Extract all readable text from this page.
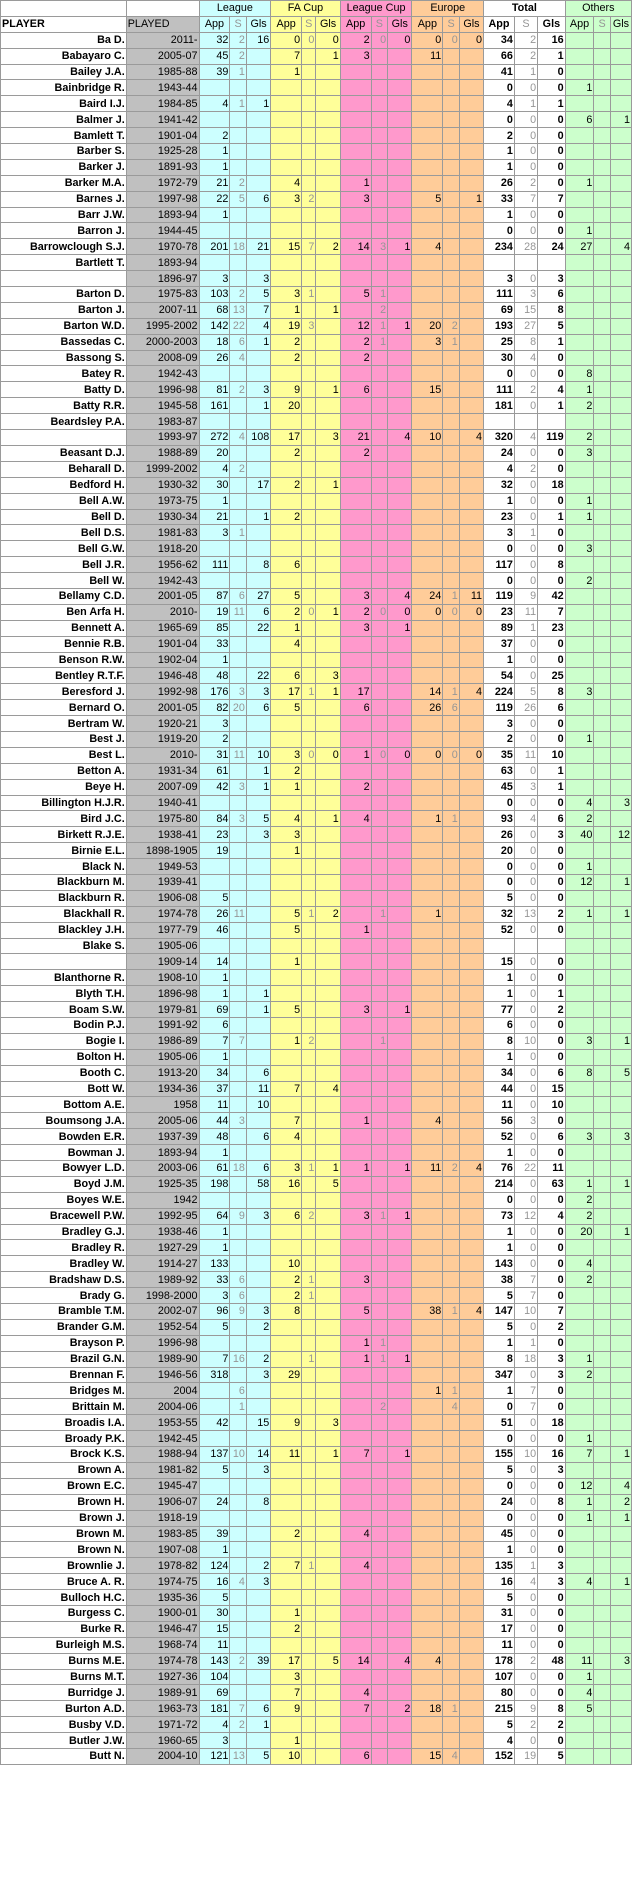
		League			FA Cup			League Cup			Europe			Total			Others		
PLAYER	PLAYED	App	S	Gls	App	S	Gls	App	S	Gls	App	S	Gls	App	S	Gls	App	S	Gls
Ba D.	2011-	32	2	16	0	0	0	2	0	0	0	0	0	34	2	16			
Babayaro C.	2005-07	45	2		7		1	3			11			66	2	1			
Bailey J.A.	1985-88	39	1		1									41	1	0			
Bainbridge R.	1943-44													0	0	0	1		
Baird I.J.	1984-85	4	1	1										4	1	1			
Balmer J.	1941-42													0	0	0	6		1
Bamlett T.	1901-04	2												2	0	0			
Barber S.	1925-28	1												1	0	0			
Barker J.	1891-93	1												1	0	0			
Barker M.A.	1972-79	21	2		4			1						26	2	0	1		
Barnes J.	1997-98	22	5	6	3	2		3			5		1	33	7	7			
Barr J.W.	1893-94	1												1	0	0			
Barron J.	1944-45													0	0	0	1		
Barrowclough S.J.	1970-78	201	18	21	15	7	2	14	3	1	4			234	28	24	27		4
Bartlett T.	1893-94																		
	1896-97	3		3										3	0	3			
Barton D.	1975-83	103	2	5	3	1		5	1					111	3	6			
Barton J.	2007-11	68	13	7	1		1		2					69	15	8			
Barton W.D.	1995-2002	142	22	4	19	3		12	1	1	20	2		193	27	5			
Bassedas C.	2000-2003	18	6	1	2			2	1		3	1		25	8	1			
Bassong S.	2008-09	26	4		2			2						30	4	0			
Batey R.	1942-43													0	0	0	8		
Batty D.	1996-98	81	2	3	9		1	6			15			111	2	4	1		
Batty R.R.	1945-58	161		1	20									181	0	1	2		
Beardsley P.A.	1983-87																		
	1993-97	272	4	108	17		3	21		4	10		4	320	4	119	2		
Beasant D.J.	1988-89	20			2			2						24	0	0	3		
Beharall D.	1999-2002	4	2											4	2	0			
Bedford H.	1930-32	30		17	2		1							32	0	18			
Bell A.W.	1973-75	1												1	0	0	1		
Bell D.	1930-34	21		1	2									23	0	1	1		
Bell D.S.	1981-83	3	1											3	1	0			
Bell G.W.	1918-20													0	0	0	3		
Bell J.R.	1956-62	111		8	6									117	0	8			
Bell W.	1942-43													0	0	0	2		
Bellamy C.D.	2001-05	87	6	27	5			3		4	24	1	11	119	9	42			
Ben Arfa H.	2010-	19	11	6	2	0	1	2	0	0	0	0	0	23	11	7			
Bennett A.	1965-69	85		22	1			3		1				89	1	23			
Bennie R.B.	1901-04	33			4									37	0	0			
Benson R.W.	1902-04	1												1	0	0			
Bentley R.T.F.	1946-48	48		22	6		3							54	0	25			
Beresford J.	1992-98	176	3	3	17	1	1	17			14	1	4	224	5	8	3		
Bernard O.	2001-05	82	20	6	5			6			26	6		119	26	6			
Bertram W.	1920-21	3												3	0	0			
Best J.	1919-20	2												2	0	0	1		
Best L.	2010-	31	11	10	3	0	0	1	0	0	0	0	0	35	11	10			
Betton A.	1931-34	61		1	2									63	0	1			
Beye H.	2007-09	42	3	1	1			2						45	3	1			
Billington H.J.R.	1940-41													0	0	0	4		3
Bird J.C.	1975-80	84	3	5	4		1	4			1	1		93	4	6	2		
Birkett R.J.E.	1938-41	23		3	3									26	0	3	40		12
Birnie E.L.	1898-1905	19			1									20	0	0			
Black N.	1949-53													0	0	0	1		
Blackburn M.	1939-41													0	0	0	12		1
Blackburn R.	1906-08	5												5	0	0			
Blackhall R.	1974-78	26	11		5	1	2		1		1			32	13	2	1		1
Blackley J.H.	1977-79	46			5			1						52	0	0			
Blake S.	1905-06																		
	1909-14	14			1									15	0	0			
Blanthorne R.	1908-10	1												1	0	0			
Blyth T.H.	1896-98	1		1										1	0	1			
Boam S.W.	1979-81	69		1	5			3		1				77	0	2			
Bodin P.J.	1991-92	6												6	0	0			
Bogie I.	1986-89	7	7		1	2			1					8	10	0	3		1
Bolton H.	1905-06	1												1	0	0			
Booth C.	1913-20	34		6										34	0	6	8		5
Bott W.	1934-36	37		11	7		4							44	0	15			
Bottom A.E.	1958	11		10										11	0	10			
Boumsong J.A.	2005-06	44	3		7			1			4			56	3	0			
Bowden E.R.	1937-39	48		6	4									52	0	6	3		3
Bowman J.	1893-94	1												1	0	0			
Bowyer L.D.	2003-06	61	18	6	3	1	1	1		1	11	2	4	76	22	11			
Boyd J.M.	1925-35	198		58	16		5							214	0	63	1		1
Boyes W.E.	1942													0	0	0	2		
Bracewell P.W.	1992-95	64	9	3	6	2		3	1	1				73	12	4	2		
Bradley G.J.	1938-46	1												1	0	0	20		1
Bradley R.	1927-29	1												1	0	0			
Bradley W.	1914-27	133			10									143	0	0	4		
Bradshaw D.S.	1989-92	33	6		2	1		3						38	7	0	2		
Brady G.	1998-2000	3	6		2	1								5	7	0			
Bramble T.M.	2002-07	96	9	3	8			5			38	1	4	147	10	7			
Brander G.M.	1952-54	5		2										5	0	2			
Brayson P.	1996-98							1	1					1	1	0			
Brazil G.N.	1989-90	7	16	2		1		1	1	1				8	18	3	1		
Brennan F.	1946-56	318		3	29									347	0	3	2		
Bridges M.	2004		6								1	1		1	7	0			
Brittain M.	2004-06		1						2			4		0	7	0			
Broadis I.A.	1953-55	42		15	9		3							51	0	18			
Broady P.K.	1942-45													0	0	0	1		
Brock K.S.	1988-94	137	10	14	11		1	7		1				155	10	16	7		1
Brown A.	1981-82	5		3										5	0	3			
Brown E.C.	1945-47													0	0	0	12		4
Brown H.	1906-07	24		8										24	0	8	1		2
Brown J.	1918-19													0	0	0	1		1
Brown M.	1983-85	39			2			4						45	0	0			
Brown N.	1907-08	1												1	0	0			
Brownlie J.	1978-82	124		2	7	1		4						135	1	3			
Bruce A. R.	1974-75	16	4	3										16	4	3	4		1
Bulloch H.C.	1935-36	5												5	0	0			
Burgess C.	1900-01	30			1									31	0	0			
Burke R.	1946-47	15			2									17	0	0			
Burleigh M.S.	1968-74	11												11	0	0			
Burns M.E.	1974-78	143	2	39	17		5	14		4	4			178	2	48	11		3
Burns M.T.	1927-36	104			3									107	0	0	1		
Burridge J.	1989-91	69			7			4						80	0	0	4		
Burton A.D.	1963-73	181	7	6	9			7		2	18	1		215	9	8	5		
Busby V.D.	1971-72	4	2	1										5	2	2			
Butler J.W.	1960-65	3			1									4	0	0			
Butt N.	2004-10	121	13	5	10			6			15	4		152	19	5			
